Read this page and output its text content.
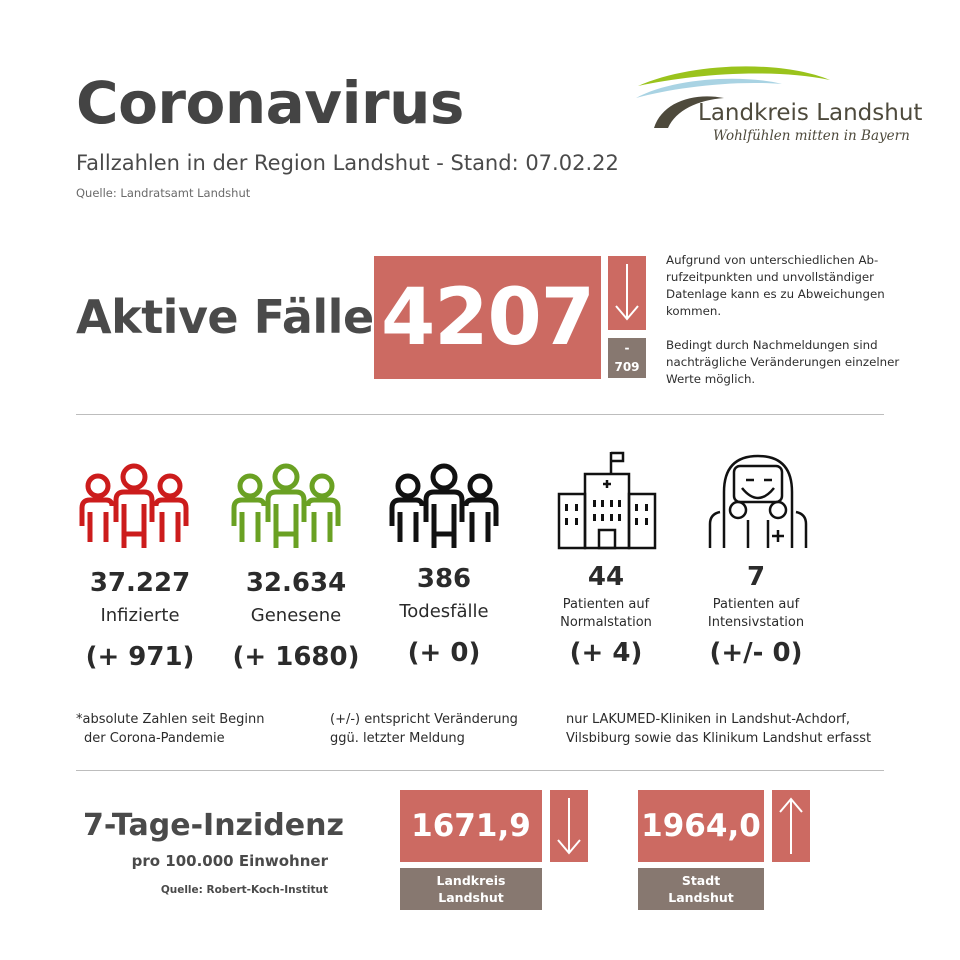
Coronavirus
Fallzahlen in der Region Landshut - Stand: 07.02.22
Quelle: Landratsamt Landshut
Landkreis Landshut
Wohlfühlen mitten in Bayern
Aktive Fälle 4207	-
709

Aufgrund von unterschiedlichen Ab-rufzeitpunkten und unvollständiger Datenlage kann es zu Abweichungen kommen.

Bedingt durch Nachmeldungen sind nachträgliche Veränderungen einzelner Werte möglich.

37.227
Infizierte
(+ 971)
32.634
Genesene
(+ 1680)
386
Todesfälle
(+ 0)
44
Patienten auf
Normalstation
(+ 4)
7
Patienten auf
Intensivstation
(+/- 0)
*absolute Zahlen seit Beginn
der Corona-Pandemie
(+/-) entspricht Veränderung
ggü. letzter Meldung
nur LAKUMED-Kliniken in Landshut-Achdorf,
Vilsbiburg sowie das Klinikum Landshut erfasst
7-Tage-Inzidenz
pro 100.000 Einwohner
Quelle: Robert-Koch-Institut
1671,9
Landkreis
Landshut
1964,0
Stadt
Landshut
